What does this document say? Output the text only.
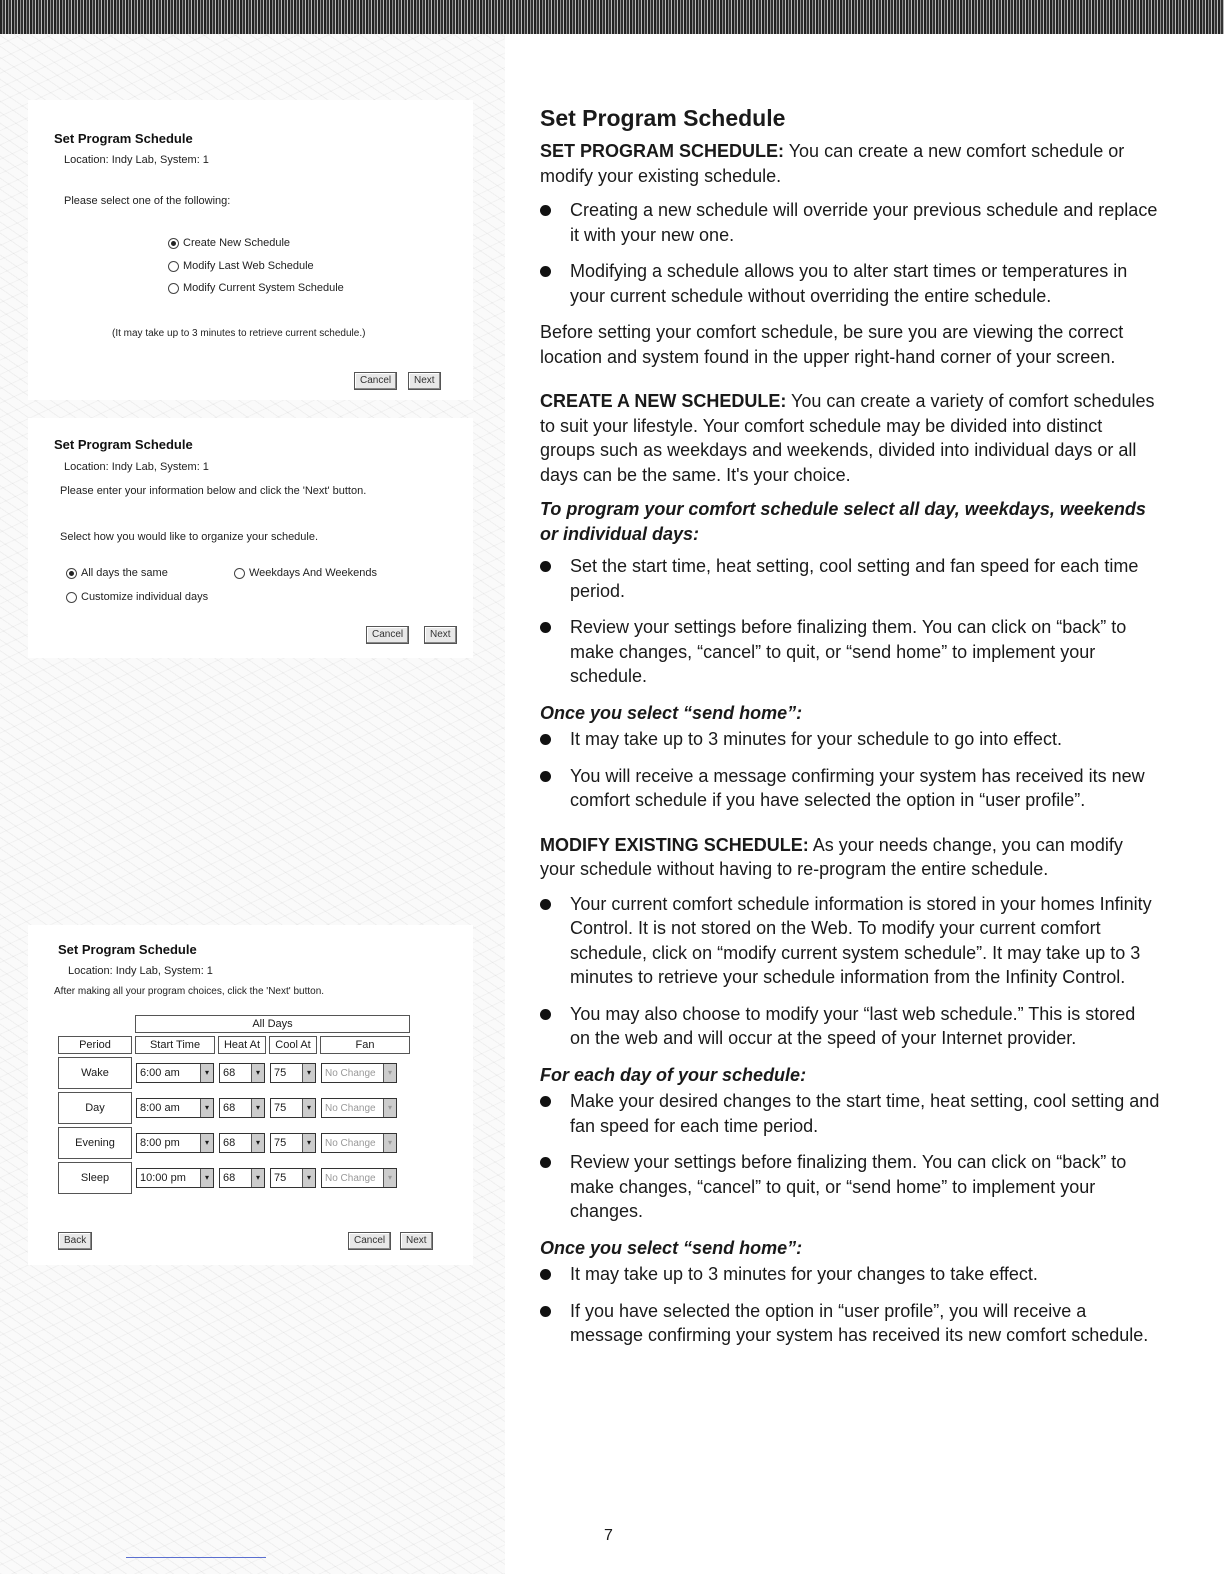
Set Program Schedule
Location: Indy Lab, System: 1
Please select one of the following:
Create New Schedule
Modify Last Web Schedule
Modify Current System Schedule
(It may take up to 3 minutes to retrieve current schedule.)
Cancel	Next
Set Program Schedule
Location: Indy Lab, System: 1
Please enter your information below and click the 'Next' button.
Select how you would like to organize your schedule.
All days the same	Weekdays And Weekends
Customize individual days
Cancel	Next
Set Program Schedule
Location: Indy Lab, System: 1
After making all your program choices, click the 'Next' button.
Back	Cancel	Next
	All Days			
Period	Start Time	Heat At	Cool At	Fan
Wake	6:00 am ▾	68 ▾	75 ▾	No Change ▾

Day	8:00 am ▾	68 ▾	75 ▾	No Change ▾

Evening	8:00 pm ▾	68 ▾	75 ▾	No Change ▾

Sleep	10:00 pm ▾	68 ▾	75 ▾	No Change ▾
Set Program Schedule

SET PROGRAM SCHEDULE: You can create a new comfort schedule or modify your existing schedule.

Creating a new schedule will override your previous schedule and replace it with your new one.
Modifying a schedule allows you to alter start times or temperatures in your current schedule without overriding the entire schedule.

Before setting your comfort schedule, be sure you are viewing the correct location and system found in the upper right-hand corner of your screen.

CREATE A NEW SCHEDULE: You can create a variety of comfort schedules to suit your lifestyle. Your comfort schedule may be divided into distinct groups such as weekdays and weekends, divided into individual days or all days can be the same. It's your choice.

To program your comfort schedule select all day, weekdays, weekends or individual days:

Set the start time, heat setting, cool setting and fan speed for each time period.
Review your settings before finalizing them. You can click on “back” to make changes, “cancel” to quit, or “send home” to implement your schedule.

Once you select “send home”:

It may take up to 3 minutes for your schedule to go into effect.
You will receive a message confirming your system has received its new comfort schedule if you have selected the option in “user profile”.

MODIFY EXISTING SCHEDULE: As your needs change, you can modify your schedule without having to re-program the entire schedule.

Your current comfort schedule information is stored in your homes Infinity Control. It is not stored on the Web. To modify your current comfort schedule, click on “modify current system schedule”. It may take up to 3 minutes to retrieve your schedule information from the Infinity Control.
You may also choose to modify your “last web schedule.” This is stored on the web and will occur at the speed of your Internet provider.

For each day of your schedule:

Make your desired changes to the start time, heat setting, cool setting and fan speed for each time period.
Review your settings before finalizing them. You can click on “back” to make changes, “cancel” to quit, or “send home” to implement your changes.

Once you select “send home”:

It may take up to 3 minutes for your changes to take effect.
If you have selected the option in “user profile”, you will receive a message confirming your system has received its new comfort schedule.
7
